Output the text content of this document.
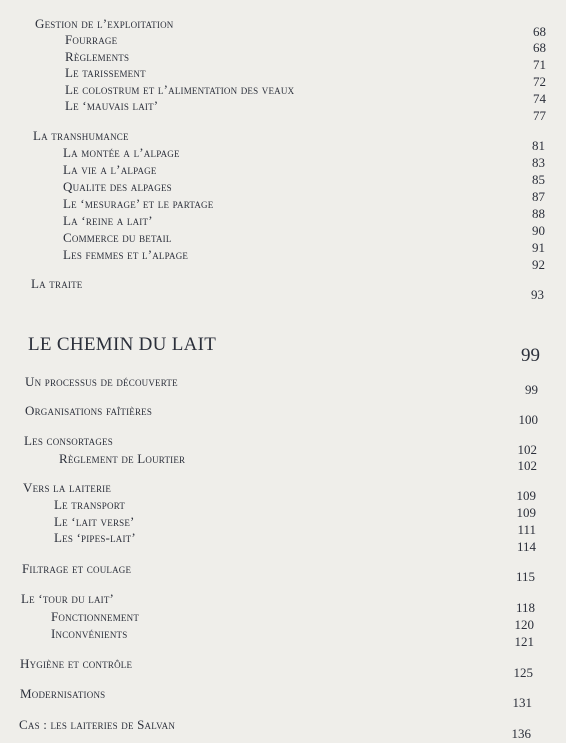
Gestion de l’exploitation
68
Fourrage
68
Règlements
71
Le tarissement
72
Le colostrum et l’alimentation des veaux
74
Le ‘mauvais lait’
77
La transhumance
81
La montée a l’alpage
83
La vie a l’alpage
85
Qualite des alpages
87
Le ‘mesurage’ et le partage
88
La ‘reine a lait’
90
Commerce du betail
91
Les femmes et l’alpage
92
La traite
93
LE CHEMIN DU LAIT
99
Un processus de découverte
99
Organisations faîtières
100
Les consortages
102
Règlement de Lourtier	102
Vers la laiterie
109
Le transport
109
Le ‘lait verse’
111
Les ‘pipes-lait’
114
Filtrage et coulage
115
Le ‘tour du lait’
118
Fonctionnement
120
Inconvénients
121
Hygiène et contrôle
125
Modernisations
131
Cas : les laiteries de Salvan
136
